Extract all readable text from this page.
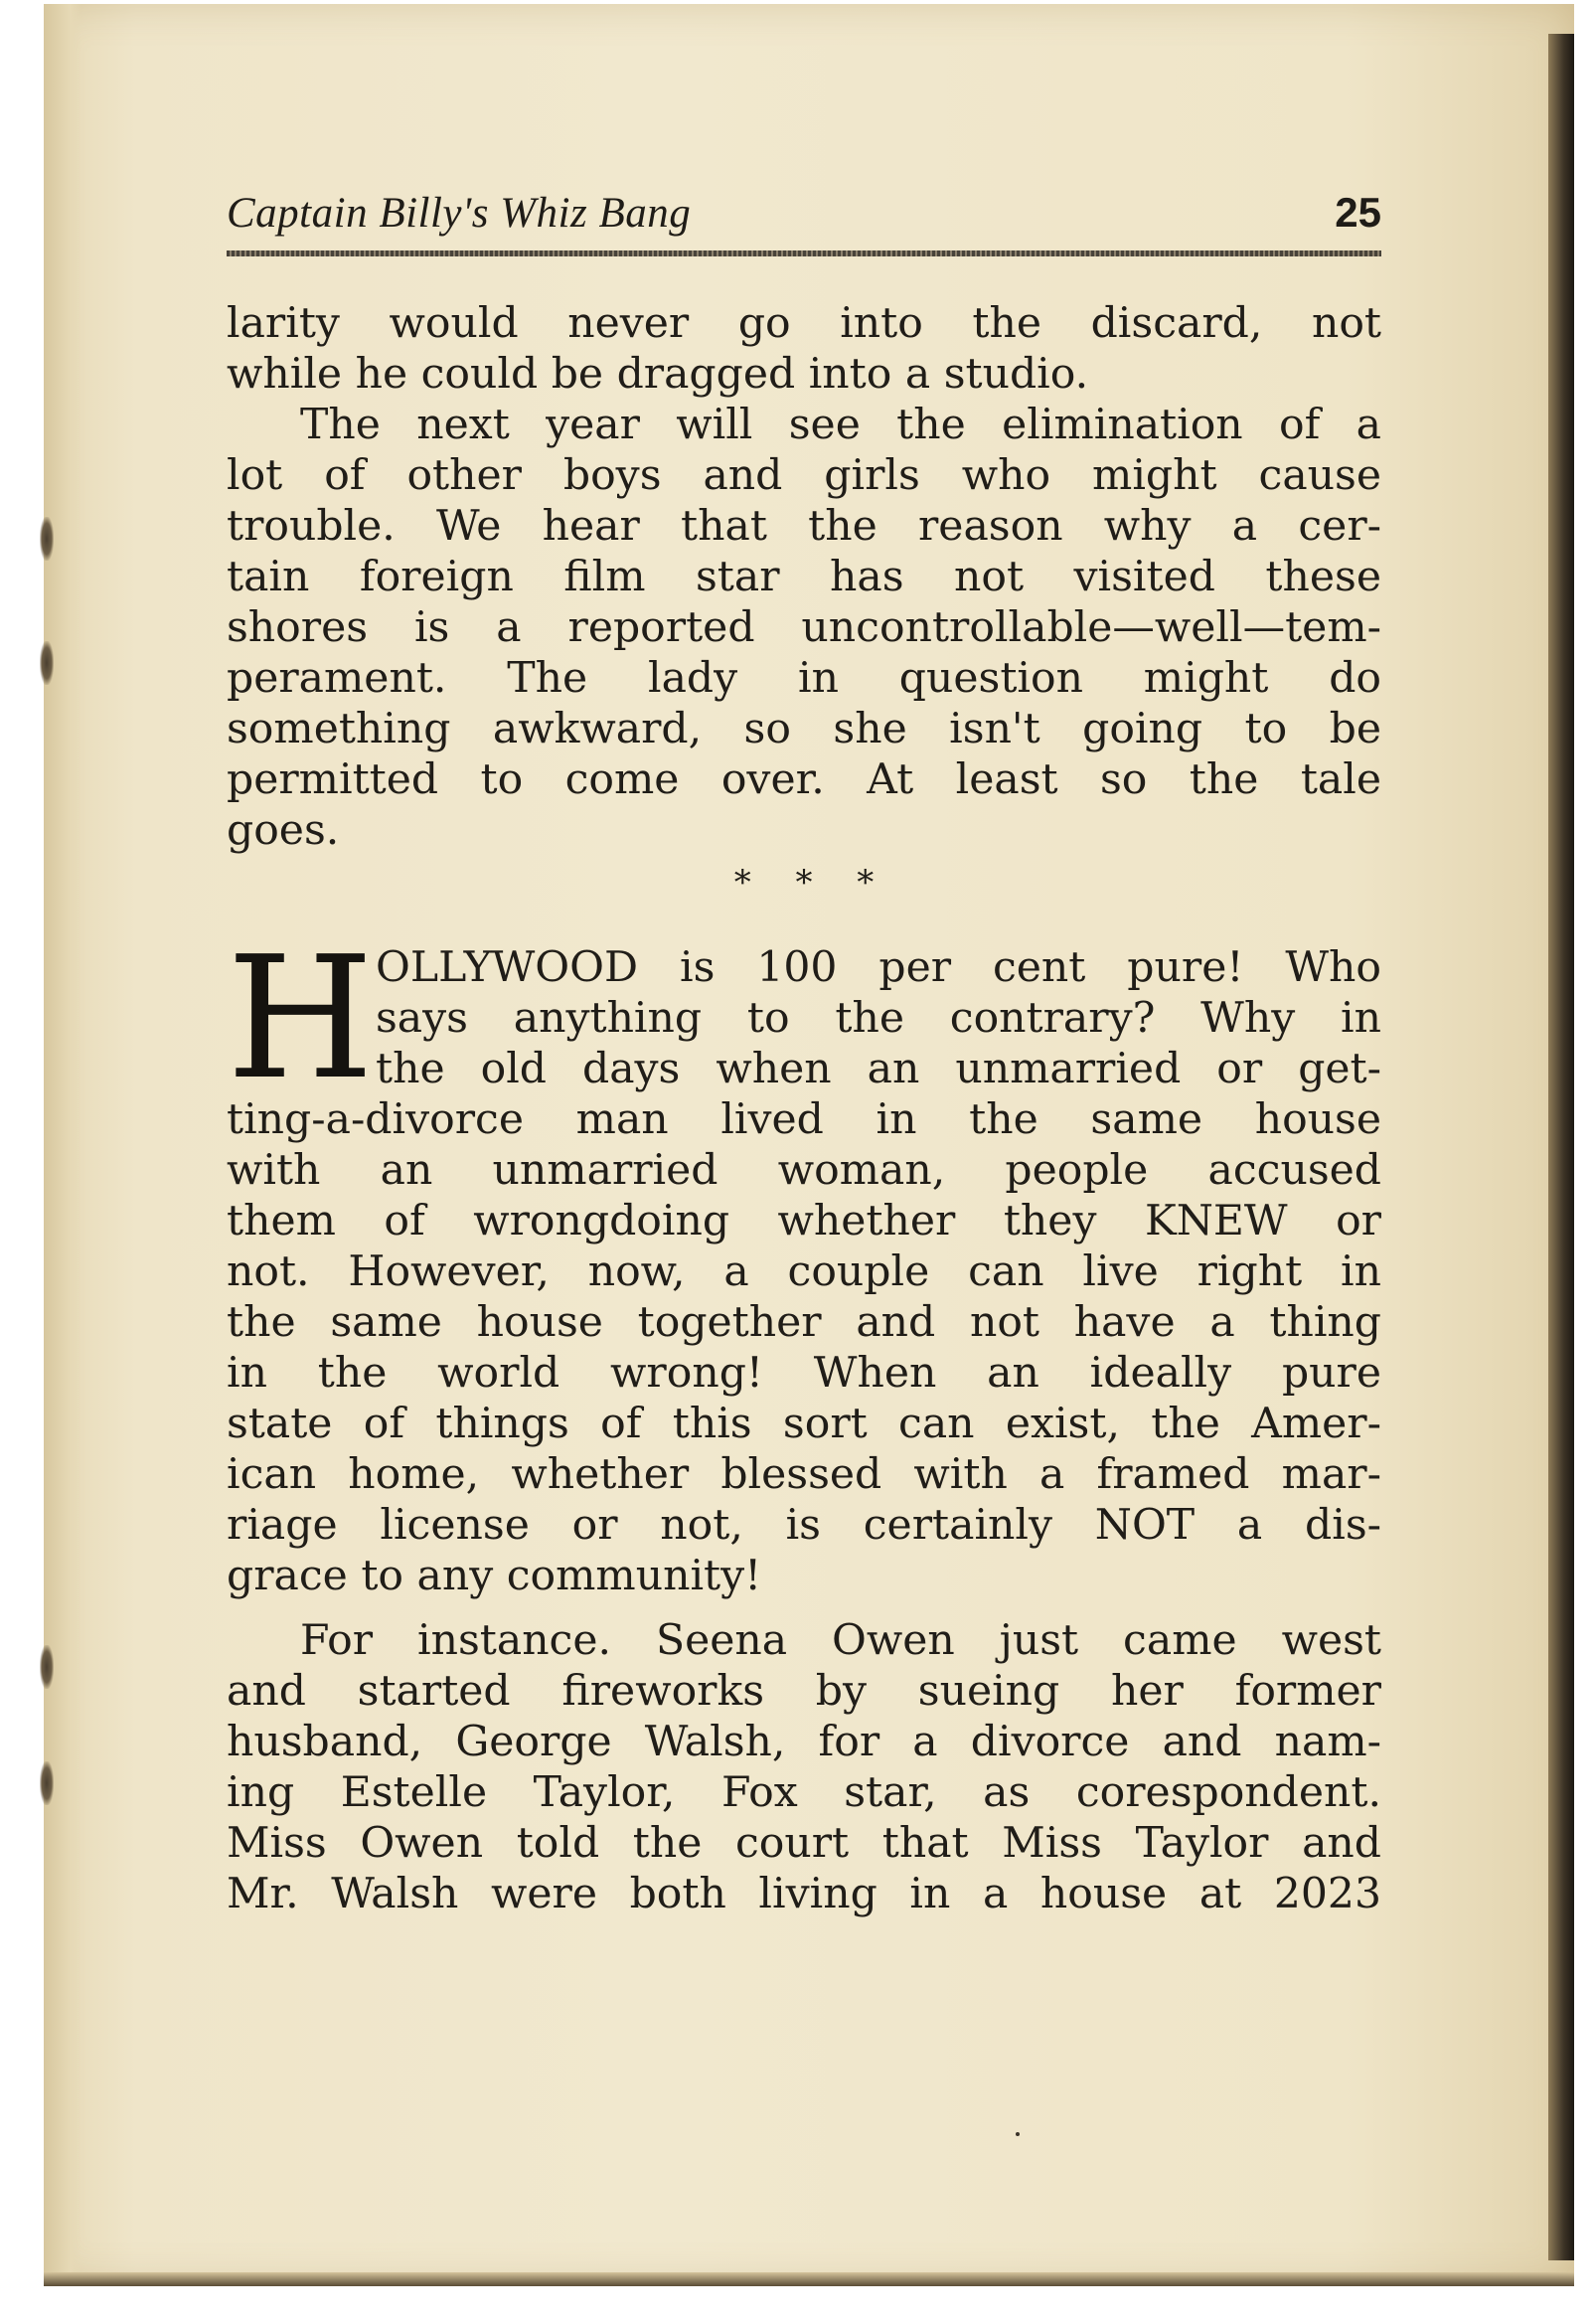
Captain Billy's Whiz Bang	25
larity would never go into the discard, not
while he could be dragged into a studio.
The next year will see the elimination of a
lot of other boys and girls who might cause
trouble. We hear that the reason why a cer-
tain foreign film star has not visited these
shores is a reported uncontrollable—well—tem-
perament. The lady in question might do
something awkward, so she isn't going to be
permitted to come over. At least so the tale
goes.
* * *
H OLLYWOOD is 100 per cent pure! Who
says anything to the contrary? Why in
the old days when an unmarried or get-
ting-a-divorce man lived in the same house
with an unmarried woman, people accused
them of wrongdoing whether they KNEW or
not. However, now, a couple can live right in
the same house together and not have a thing
in the world wrong! When an ideally pure
state of things of this sort can exist, the Amer-
ican home, whether blessed with a framed mar-
riage license or not, is certainly NOT a dis-
grace to any community!
For instance. Seena Owen just came west
and started fireworks by sueing her former
husband, George Walsh, for a divorce and nam-
ing Estelle Taylor, Fox star, as corespondent.
Miss Owen told the court that Miss Taylor and
Mr. Walsh were both living in a house at 2023
